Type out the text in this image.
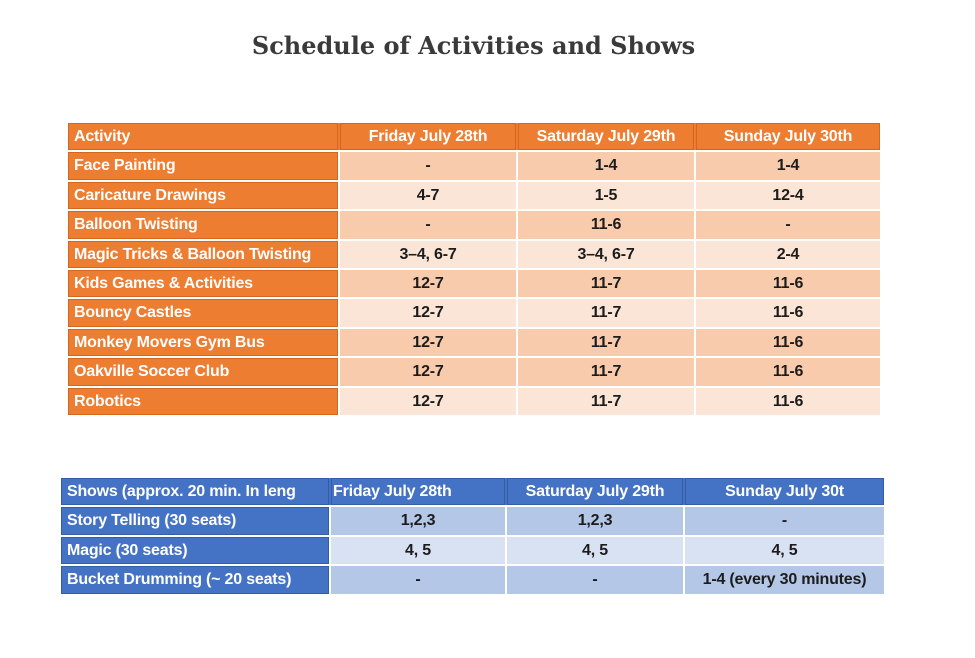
Schedule of Activities and Shows
Activity	Friday July 28th	Saturday July 29th	Sunday July 30th
Face Painting	-	1-4	1-4
Caricature Drawings	4-7	1-5	12-4
Balloon Twisting	-	11-6	-
Magic Tricks & Balloon Twisting	3–4, 6-7	3–4, 6-7	2-4
Kids Games & Activities	12-7	11-7	11-6
Bouncy Castles	12-7	11-7	11-6
Monkey Movers Gym Bus	12-7	11-7	11-6
Oakville Soccer Club	12-7	11-7	11-6
Robotics	12-7	11-7	11-6
Shows (approx. 20 min. In leng	Friday July 28th	Saturday July 29th	Sunday July 30t
Story Telling (30 seats)	1,2,3	1,2,3	-
Magic (30 seats)	4, 5	4, 5	4, 5
Bucket Drumming (~ 20 seats)	-	-	1-4 (every 30 minutes)
